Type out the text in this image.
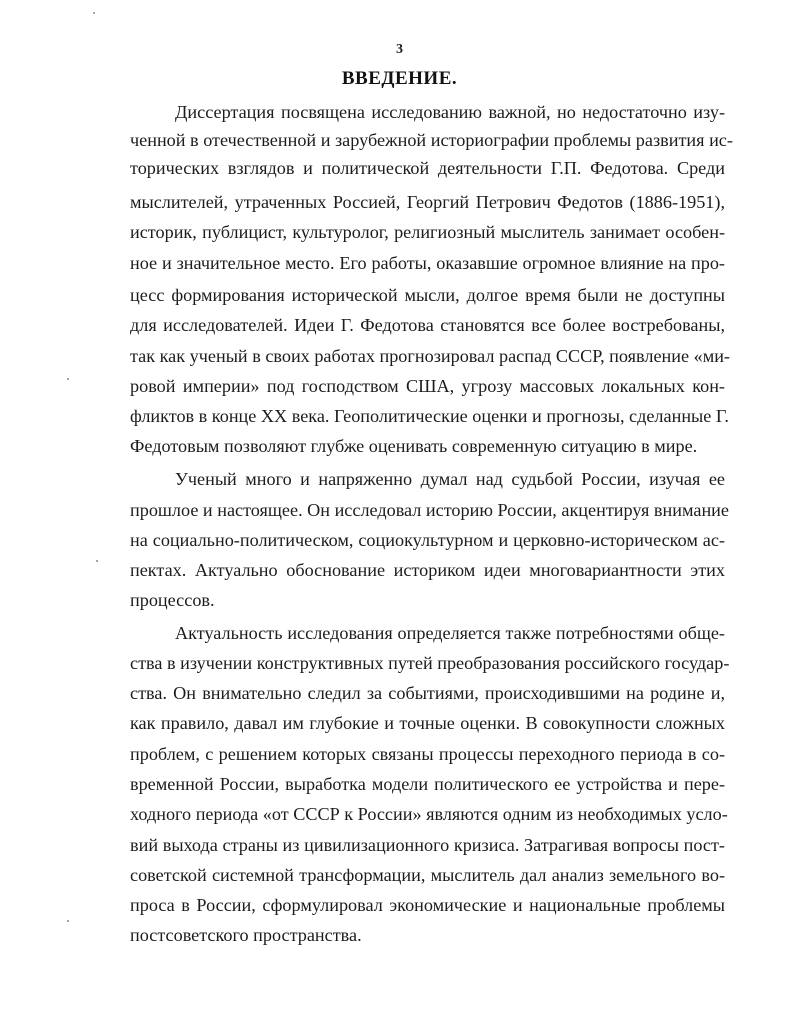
3
ВВЕДЕНИЕ.
Диссертация посвящена исследованию важной, но недостаточно изу-
ченной в отечественной и зарубежной историографии проблемы развития ис-
торических взглядов и политической деятельности Г.П. Федотова. Среди
мыслителей, утраченных Россией, Георгий Петрович Федотов (1886-1951),
историк, публицист, культуролог, религиозный мыслитель занимает особен-
ное и значительное место. Его работы, оказавшие огромное влияние на про-
цесс формирования исторической мысли, долгое время были не доступны
для исследователей. Идеи Г. Федотова становятся все более востребованы,
так как ученый в своих работах прогнозировал распад СССР, появление «ми-
ровой империи» под господством США, угрозу массовых локальных кон-
фликтов в конце XX века. Геополитические оценки и прогнозы, сделанные Г.
Федотовым позволяют глубже оценивать современную ситуацию в мире.
Ученый много и напряженно думал над судьбой России, изучая ее
прошлое и настоящее. Он исследовал историю России, акцентируя внимание
на социально-политическом, социокультурном и церковно-историческом ас-
пектах. Актуально обоснование историком идеи многовариантности этих
процессов.
Актуальность исследования определяется также потребностями обще-
ства в изучении конструктивных путей преобразования российского государ-
ства. Он внимательно следил за событиями, происходившими на родине и,
как правило, давал им глубокие и точные оценки. В совокупности сложных
проблем, с решением которых связаны процессы переходного периода в со-
временной России, выработка модели политического ее устройства и пере-
ходного периода «от СССР к России» являются одним из необходимых усло-
вий выхода страны из цивилизационного кризиса. Затрагивая вопросы пост-
советской системной трансформации, мыслитель дал анализ земельного во-
проса в России, сформулировал экономические и национальные проблемы
постсоветского пространства.
